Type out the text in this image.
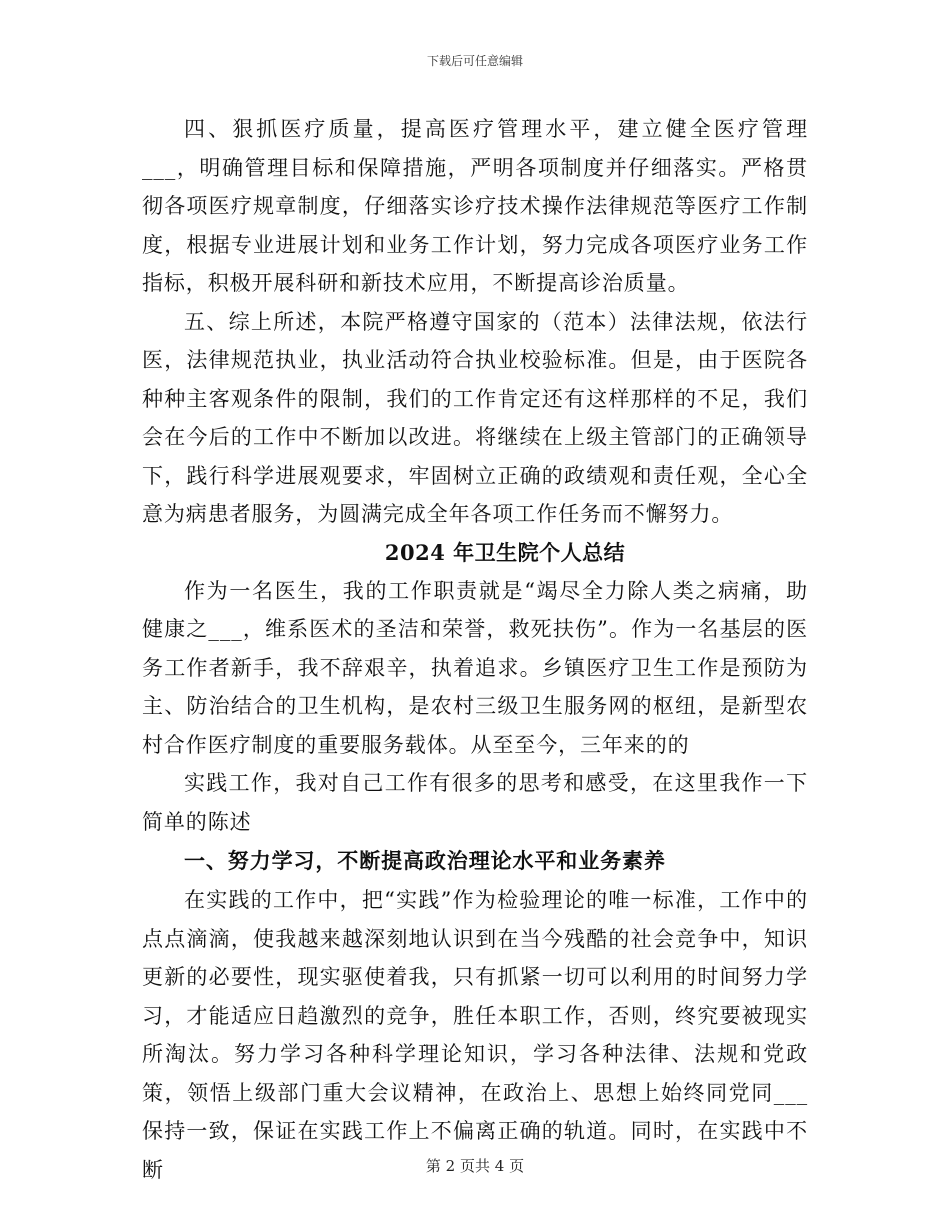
下载后可任意编辑

四、狠抓医疗质量，提高医疗管理水平，建立健全医疗管理___，明确管理目标和保障措施，严明各项制度并仔细落实。严格贯彻各项医疗规章制度，仔细落实诊疗技术操作法律规范等医疗工作制度，根据专业进展计划和业务工作计划，努力完成各项医疗业务工作指标，积极开展科研和新技术应用，不断提高诊治质量。

五、综上所述，本院严格遵守国家的（范本）法律法规，依法行医，法律规范执业，执业活动符合执业校验标准。但是，由于医院各种种主客观条件的限制，我们的工作肯定还有这样那样的不足，我们会在今后的工作中不断加以改进。将继续在上级主管部门的正确领导下，践行科学进展观要求，牢固树立正确的政绩观和责任观，全心全意为病患者服务，为圆满完成全年各项工作任务而不懈努力。

2024 年卫生院个人总结

作为一名医生，我的工作职责就是“竭尽全力除人类之病痛，助健康之___，维系医术的圣洁和荣誉，救死扶伤”。作为一名基层的医务工作者新手，我不辞艰辛，执着追求。乡镇医疗卫生工作是预防为主、防治结合的卫生机构，是农村三级卫生服务网的枢纽，是新型农村合作医疗制度的重要服务载体。从至至今，三年来的的

实践工作，我对自己工作有很多的思考和感受，在这里我作一下简单的陈述

一、努力学习，不断提高政治理论水平和业务素养

在实践的工作中，把“实践”作为检验理论的唯一标准，工作中的点点滴滴，使我越来越深刻地认识到在当今残酷的社会竞争中，知识更新的必要性，现实驱使着我，只有抓紧一切可以利用的时间努力学习，才能适应日趋激烈的竞争，胜任本职工作，否则，终究要被现实所淘汰。努力学习各种科学理论知识，学习各种法律、法规和党政策，领悟上级部门重大会议精神，在政治上、思想上始终同党同___保持一致，保证在实践工作上不偏离正确的轨道。同时，在实践中不断	第 2 页共 4 页
